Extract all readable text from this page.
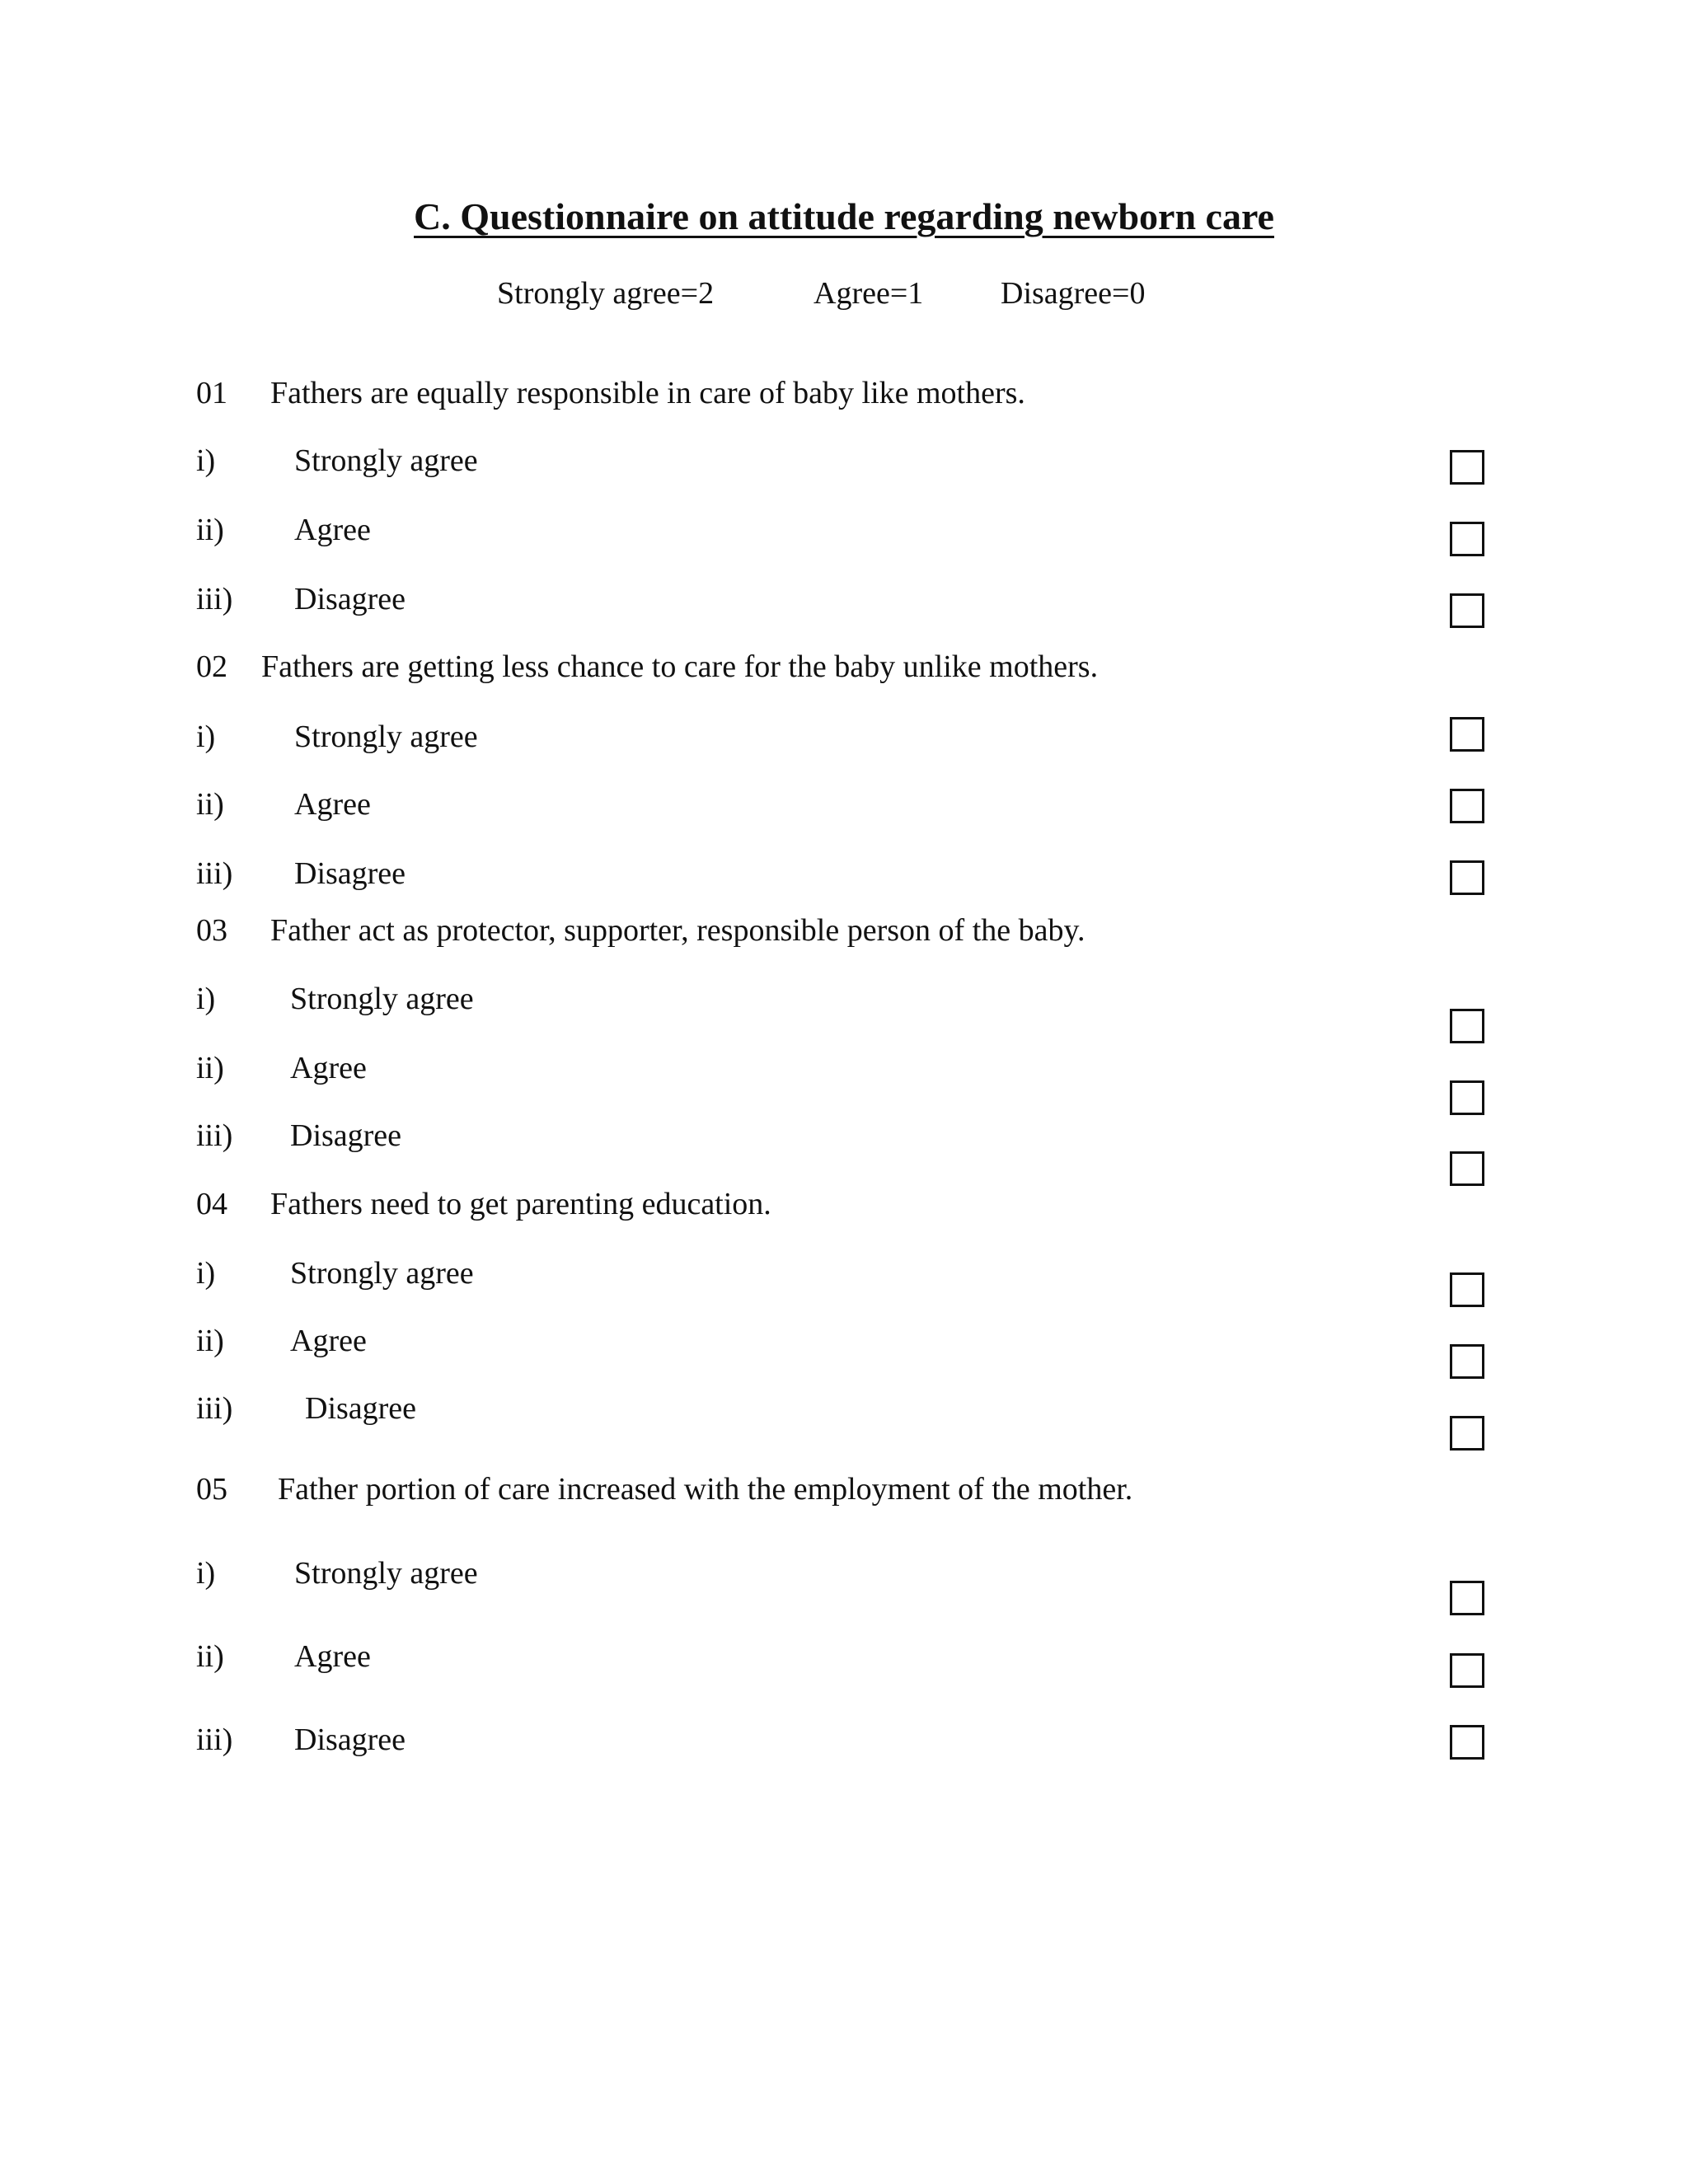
C. Questionnaire on attitude regarding newborn care
Strongly agree=2	Agree=1 Disagree=0
01 Fathers are equally responsible in care of baby like mothers.
i)	Strongly agree
ii) Agree
iii) Disagree
02 Fathers are getting less chance to care for the baby unlike mothers.
i)	Strongly agree
ii) Agree
iii) Disagree
03 Father act as protector, supporter, responsible person of the baby.
i) Strongly agree
ii) Agree
iii) Disagree
04 Fathers need to get parenting education.
i) Strongly agree
ii) Agree
iii) Disagree
05 Father portion of care increased with the employment of the mother.
i)	Strongly agree
ii) Agree
iii) Disagree
